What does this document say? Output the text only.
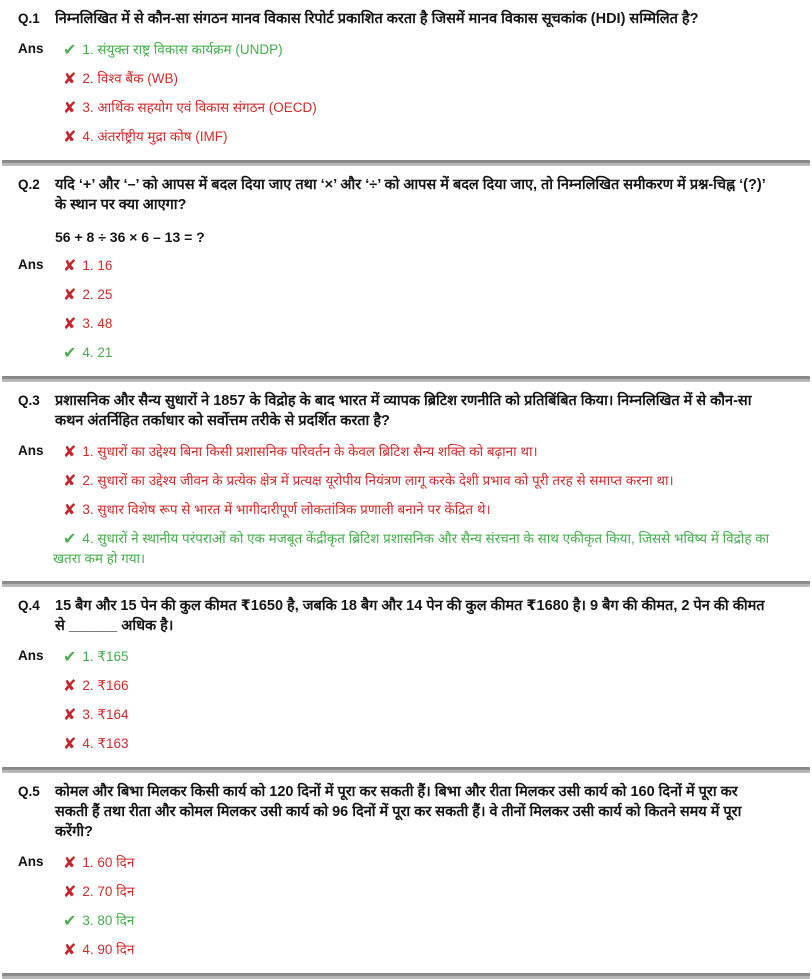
Q.1	निम्नलिखित में से कौन-सा संगठन मानव विकास रिपोर्ट प्रकाशित करता है जिसमें मानव विकास सूचकांक (HDI) सम्मिलित है?
Ans	✔ 1. संयुक्त राष्ट्र विकास कार्यक्रम (UNDP)
✘ 2. विश्व बैंक (WB)
✘ 3. आर्थिक सहयोग एवं विकास संगठन (OECD)
✘ 4. अंतर्राष्ट्रीय मुद्रा कोष (IMF)
Q.2	यदि ‘+’ और ‘–’ को आपस में बदल दिया जाए तथा ‘×’ और ‘÷’ को आपस में बदल दिया जाए, तो निम्नलिखित समीकरण में प्रश्न-चिह्न ‘(?)’ के स्थान पर क्या आएगा?
56 + 8 ÷ 36 × 6 – 13 = ?
Ans	✘ 1. 16
✘ 2. 25
✘ 3. 48
✔ 4. 21
Q.3	प्रशासनिक और सैन्य सुधारों ने 1857 के विद्रोह के बाद भारत में व्यापक ब्रिटिश रणनीति को प्रतिबिंबित किया। निम्नलिखित में से कौन-सा कथन अंतर्निहित तर्काधार को सर्वोत्तम तरीके से प्रदर्शित करता है?
Ans	✘ 1. सुधारों का उद्देश्य बिना किसी प्रशासनिक परिवर्तन के केवल ब्रिटिश सैन्य शक्ति को बढ़ाना था।
✘ 2. सुधारों का उद्देश्य जीवन के प्रत्येक क्षेत्र में प्रत्यक्ष यूरोपीय नियंत्रण लागू करके देशी प्रभाव को पूरी तरह से समाप्त करना था।
✘ 3. सुधार विशेष रूप से भारत में भागीदारीपूर्ण लोकतांत्रिक प्रणाली बनाने पर केंद्रित थे।
✔ 4. सुधारों ने स्थानीय परंपराओं को एक मजबूत केंद्रीकृत ब्रिटिश प्रशासनिक और सैन्य संरचना के साथ एकीकृत किया, जिससे भविष्य में विद्रोह का खतरा कम हो गया।
Q.4	15 बैग और 15 पेन की कुल कीमत ₹1650 है, जबकि 18 बैग और 14 पेन की कुल कीमत ₹1680 है। 9 बैग की कीमत, 2 पेन की कीमत से ______ अधिक है।
Ans	✔ 1. ₹165
✘ 2. ₹166
✘ 3. ₹164
✘ 4. ₹163
Q.5	कोमल और बिभा मिलकर किसी कार्य को 120 दिनों में पूरा कर सकती हैं। बिभा और रीता मिलकर उसी कार्य को 160 दिनों में पूरा कर सकती हैं तथा रीता और कोमल मिलकर उसी कार्य को 96 दिनों में पूरा कर सकती हैं। वे तीनों मिलकर उसी कार्य को कितने समय में पूरा करेंगी?
Ans	✘ 1. 60 दिन
✘ 2. 70 दिन
✔ 3. 80 दिन
✘ 4. 90 दिन
